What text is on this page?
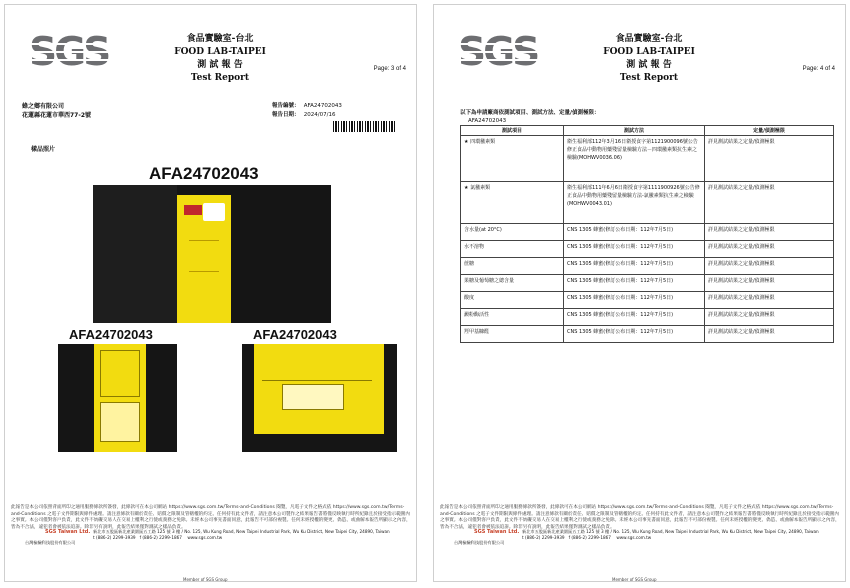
食品實驗室-台北
FOOD LAB-TAIPEI
測 試 報 告
Test Report
Page: 3 of 4
蜂之鄉有限公司
花蓮縣花蓮市華西77-2號
報告編號： AFA24702043
報告日期： 2024/07/16
樣品照片
AFA24702043
AFA24702043	AFA24702043
此報告是本公司依照背面所印之通用服務條款所簽發，此條款可在本公司網站 https://www.sgs.com.tw/Terms-and-Conditions 閱覽，凡電子文件之格式依 https://www.sgs.com.tw/Terms-and-Conditions 之電子文件期限與條件處理。請注意條款有關於責任、賠償之限制及管轄權的約定。任何持有此文件者，請注意本公司製作之結果報告書將僅反映執行時所紀錄且於接受指示範圍內之事實。本公司僅對客戶負責，此文件不妨礙交易人在交易上權利之行使或義務之免除。未經本公司事先書面同意，此報告不可部份複製。任何未經授權的變更、偽造、或曲解本報告所顯示之內容，皆為不合法，違犯者會被依法追訴。除非另有說明，此報告結果僅對測試之樣品負責。
SGS Taiwan Ltd. 新北市五股區新北產業園區五工路 125 號 3 樓 / No. 125, Wu Kung Road, New Taipei Industrial Park, Wu Ku District, New Taipei City, 24890, Taiwan
t (886-2) 2299-3939 f (886-2) 2299-1867 www.sgs.com.tw
台灣檢驗科技股份有限公司
Member of SGS Group
食品實驗室-台北
FOOD LAB-TAIPEI
測 試 報 告
Test Report
Page: 4 of 4
以下為申請廠商依測試項目、測試方法、定量/偵測極限：
AFA24702043
測試項目	測試方法	定量/偵測極限
★ 四環黴素類	衛生福利部112年3月16日衛授食字第1121900096號公告修正食品中動物用藥殘留量檢驗方法－四環黴素類抗生素之檢驗(MOHWV0036.06)	詳見測試結果之定量/偵測極限
★ 氯黴素類	衛生福利部111年6月6日衛授食字第1111900926號公告修正食品中動物用藥殘留量檢驗方法-氯黴素類抗生素之檢驗(MOHWV0043.01)	詳見測試結果之定量/偵測極限
含水量(at 20°C)	CNS 1305 蜂蜜(修訂公布日期：112年7月5日)	詳見測試結果之定量/偵測極限
水不溶物	CNS 1305 蜂蜜(修訂公布日期：112年7月5日)	詳見測試結果之定量/偵測極限
蔗糖	CNS 1305 蜂蜜(修訂公布日期：112年7月5日)	詳見測試結果之定量/偵測極限
果糖及葡萄糖之總含量	CNS 1305 蜂蜜(修訂公布日期：112年7月5日)	詳見測試結果之定量/偵測極限
酸度	CNS 1305 蜂蜜(修訂公布日期：112年7月5日)	詳見測試結果之定量/偵測極限
澱粉酶活性	CNS 1305 蜂蜜(修訂公布日期：112年7月5日)	詳見測試結果之定量/偵測極限
羥甲基糠醛	CNS 1305 蜂蜜(修訂公布日期：112年7月5日)	詳見測試結果之定量/偵測極限
此報告是本公司依照背面所印之通用服務條款所簽發，此條款可在本公司網站 https://www.sgs.com.tw/Terms-and-Conditions 閱覽，凡電子文件之格式依 https://www.sgs.com.tw/Terms-and-Conditions 之電子文件期限與條件處理。請注意條款有關於責任、賠償之限制及管轄權的約定。任何持有此文件者，請注意本公司製作之結果報告書將僅反映執行時所紀錄且於接受指示範圍內之事實。本公司僅對客戶負責，此文件不妨礙交易人在交易上權利之行使或義務之免除。未經本公司事先書面同意，此報告不可部份複製。任何未經授權的變更、偽造、或曲解本報告所顯示之內容，皆為不合法，違犯者會被依法追訴。除非另有說明，此報告結果僅對測試之樣品負責。
SGS Taiwan Ltd. 新北市五股區新北產業園區五工路 125 號 3 樓 / No. 125, Wu Kung Road, New Taipei Industrial Park, Wu Ku District, New Taipei City, 24890, Taiwan
t (886-2) 2299-3939 f (886-2) 2299-1867 www.sgs.com.tw
台灣檢驗科技股份有限公司
Member of SGS Group
